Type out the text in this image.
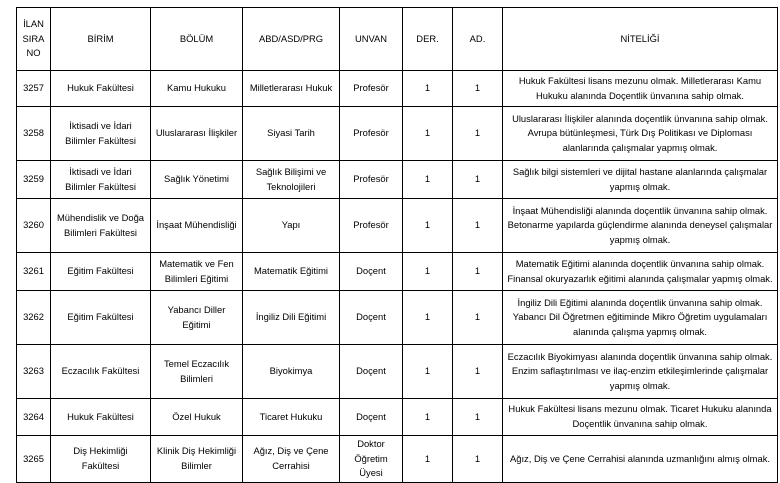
İLAN SIRA NO	BİRİM	BÖLÜM	ABD/ASD/PRG	UNVAN	DER.	AD.	NİTELİĞİ
3257	Hukuk Fakültesi	Kamu Hukuku	Milletlerarası Hukuk	Profesör	1	1	Hukuk Fakültesi lisans mezunu olmak. Milletlerarası Kamu Hukuku alanında Doçentlik ünvanına sahip olmak.
3258	İktisadi ve İdari Bilimler Fakültesi	Uluslararası İlişkiler	Siyasi Tarih	Profesör	1	1	Uluslararası İlişkiler alanında doçentlik ünvanına sahip olmak. Avrupa bütünleşmesi, Türk Dış Politikası ve Diploması alanlarında çalışmalar yapmış olmak.
3259	İktisadi ve İdari Bilimler Fakültesi	Sağlık Yönetimi	Sağlık Bilişimi ve Teknolojileri	Profesör	1	1	Sağlık bilgi sistemleri ve dijital hastane alanlarında çalışmalar yapmış olmak.
3260	Mühendislik ve Doğa Bilimleri Fakültesi	İnşaat Mühendisliği	Yapı	Profesör	1	1	İnşaat Mühendisliği alanında doçentlik ünvanına sahip olmak. Betonarme yapılarda güçlendirme alanında deneysel çalışmalar yapmış olmak.
3261	Eğitim Fakültesi	Matematik ve Fen Bilimleri Eğitimi	Matematik Eğitimi	Doçent	1	1	Matematik Eğitimi alanında doçentlik ünvanına sahip olmak. Finansal okuryazarlık eğitimi alanında çalışmalar yapmış olmak.
3262	Eğitim Fakültesi	Yabancı Diller Eğitimi	İngiliz Dili Eğitimi	Doçent	1	1	İngiliz Dili Eğitimi alanında doçentlik ünvanına sahip olmak. Yabancı Dil Öğretmen eğitiminde Mikro Öğretim uygulamaları alanında çalışma yapmış olmak.
3263	Eczacılık Fakültesi	Temel Eczacılık Bilimleri	Biyokimya	Doçent	1	1	Eczacılık Biyokimyası alanında doçentlik ünvanına sahip olmak. Enzim saflaştırılması ve ilaç-enzim etkileşimlerinde çalışmalar yapmış olmak.
3264	Hukuk Fakültesi	Özel Hukuk	Ticaret Hukuku	Doçent	1	1	Hukuk Fakültesi lisans mezunu olmak. Ticaret Hukuku alanında Doçentlik ünvanına sahip olmak.
3265	Diş Hekimliği Fakültesi	Klinik Diş Hekimliği Bilimler	Ağız, Diş ve Çene Cerrahisi	Doktor Öğretim Üyesi	1	1	Ağız, Diş ve Çene Cerrahisi alanında uzmanlığını almış olmak.
